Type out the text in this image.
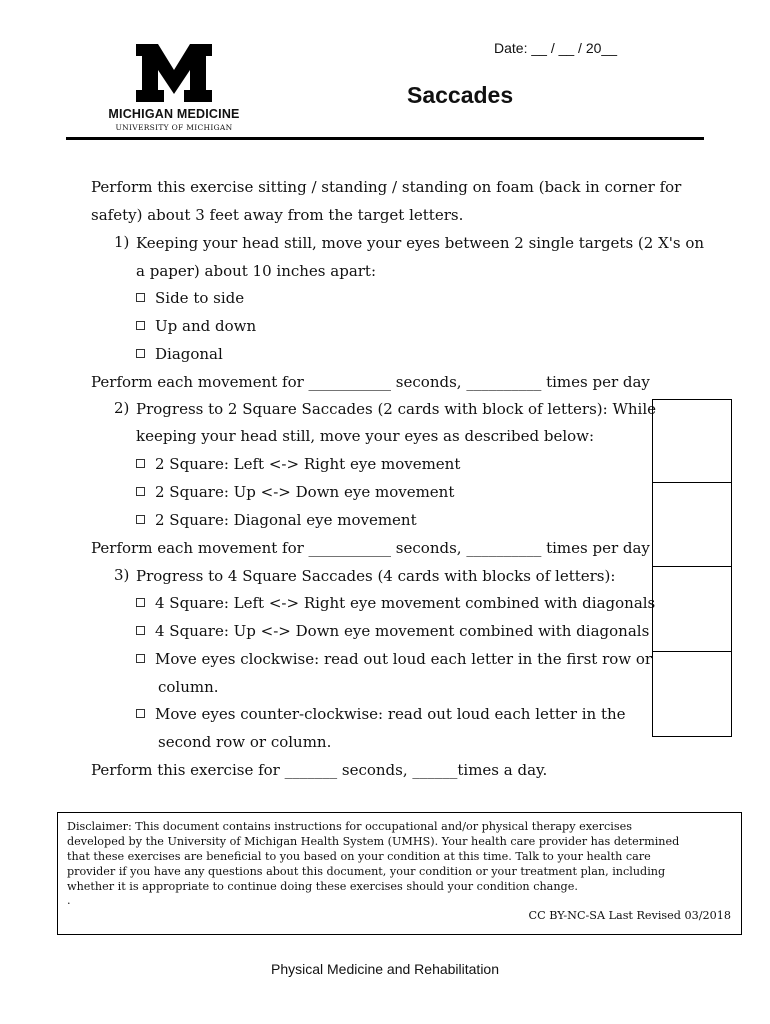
MICHIGAN MEDICINE
UNIVERSITY OF MICHIGAN
Date: __ / __ / 20__
Saccades
Perform this exercise sitting / standing / standing on foam (back in corner for
safety) about 3 feet away from the target letters.
1) Keeping your head still, move your eyes between 2 single targets (2 X's on
a paper) about 10 inches apart:
Side to side
Up and down
Diagonal
Perform each movement for ___________ seconds, __________ times per day
2) Progress to 2 Square Saccades (2 cards with block of letters): While
keeping your head still, move your eyes as described below:
2 Square: Left <-> Right eye movement
2 Square: Up <-> Down eye movement
2 Square: Diagonal eye movement
Perform each movement for ___________ seconds, __________ times per day
3) Progress to 4 Square Saccades (4 cards with blocks of letters):
4 Square: Left <-> Right eye movement combined with diagonals
4 Square: Up <-> Down eye movement combined with diagonals
Move eyes clockwise: read out loud each letter in the first row or
column.
Move eyes counter-clockwise: read out loud each letter in the
second row or column.
Perform this exercise for _______ seconds, ______times a day.
Disclaimer: This document contains instructions for occupational and/or physical therapy exercises
developed by the University of Michigan Health System (UMHS). Your health care provider has determined
that these exercises are beneficial to you based on your condition at this time. Talk to your health care
provider if you have any questions about this document, your condition or your treatment plan, including
whether it is appropriate to continue doing these exercises should your condition change.
.
CC BY-NC-SA Last Revised 03/2018
Physical Medicine and Rehabilitation
